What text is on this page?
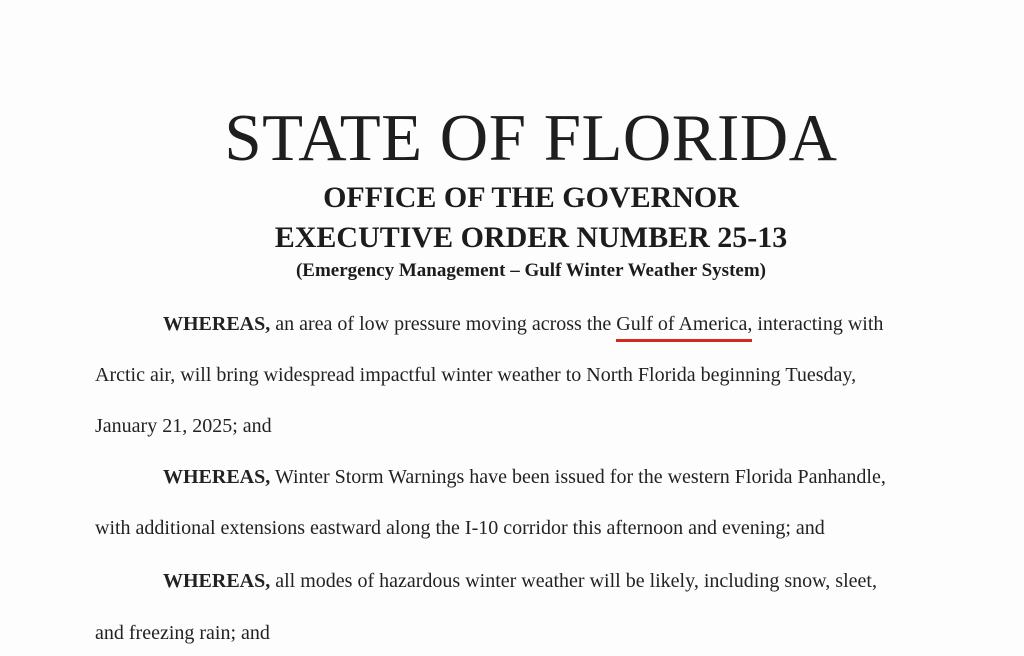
STATE OF FLORIDA
OFFICE OF THE GOVERNOR
EXECUTIVE ORDER NUMBER 25-13
(Emergency Management – Gulf Winter Weather System)
WHEREAS, an area of low pressure moving across the Gulf of America,
interacting with
Arctic air, will bring widespread impactful winter weather to North Florida beginning Tuesday,
January 21, 2025; and
WHEREAS, Winter Storm Warnings have been issued for the western Florida Panhandle,
with additional extensions eastward along the I-10 corridor this afternoon and evening; and
WHEREAS, all modes of hazardous winter weather will be likely, including snow, sleet,
and freezing rain; and
